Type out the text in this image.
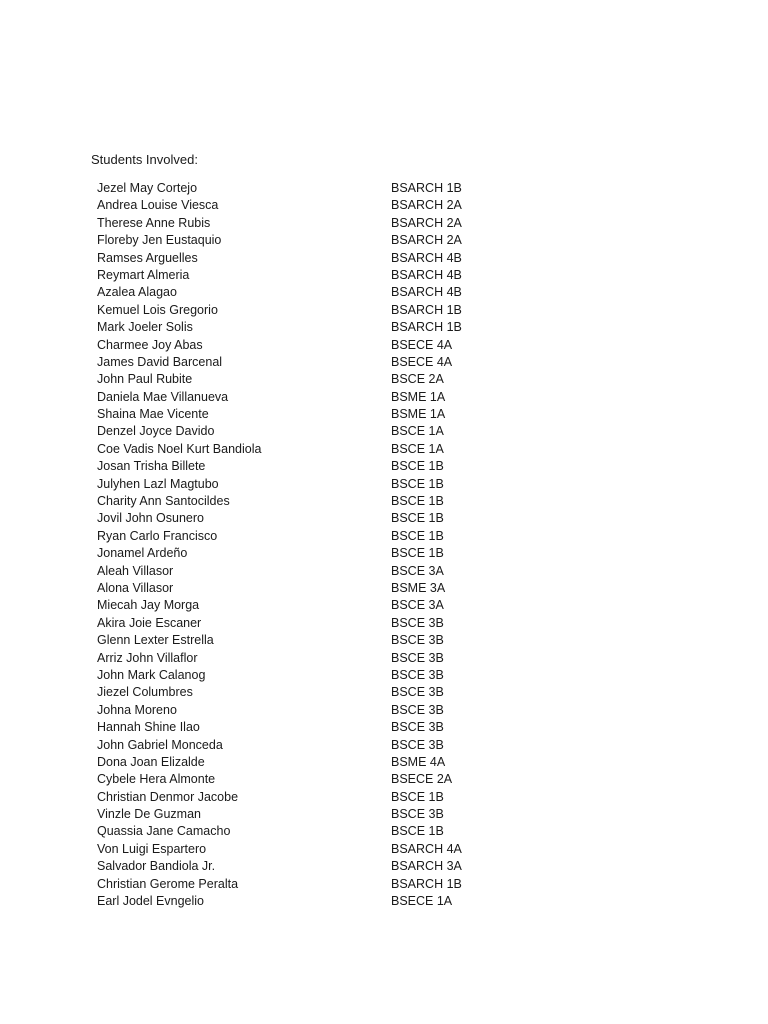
Students Involved:
Jezel May Cortejo	BSARCH 1B
Andrea Louise Viesca	BSARCH 2A
Therese Anne Rubis	BSARCH 2A
Floreby Jen Eustaquio	BSARCH 2A
Ramses Arguelles	BSARCH 4B
Reymart Almeria	BSARCH 4B
Azalea Alagao	BSARCH 4B
Kemuel Lois Gregorio	BSARCH 1B
Mark Joeler Solis	BSARCH 1B
Charmee Joy Abas	BSECE 4A
James David Barcenal	BSECE 4A
John Paul Rubite	BSCE 2A
Daniela Mae Villanueva	BSME 1A
Shaina Mae Vicente	BSME 1A
Denzel Joyce Davido	BSCE 1A
Coe Vadis Noel Kurt Bandiola	BSCE 1A
Josan Trisha Billete	BSCE 1B
Julyhen Lazl Magtubo	BSCE 1B
Charity Ann Santocildes	BSCE 1B
Jovil John Osunero	BSCE 1B
Ryan Carlo Francisco	BSCE 1B
Jonamel Ardeño	BSCE 1B
Aleah Villasor	BSCE 3A
Alona Villasor	BSME 3A
Miecah Jay Morga	BSCE 3A
Akira Joie Escaner	BSCE 3B
Glenn Lexter Estrella	BSCE 3B
Arriz John Villaflor	BSCE 3B
John Mark Calanog	BSCE 3B
Jiezel Columbres	BSCE 3B
Johna Moreno	BSCE 3B
Hannah Shine Ilao	BSCE 3B
John Gabriel Monceda	BSCE 3B
Dona Joan Elizalde	BSME 4A
Cybele Hera Almonte	BSECE 2A
Christian Denmor Jacobe	BSCE 1B
Vinzle De Guzman	BSCE 3B
Quassia Jane Camacho	BSCE 1B
Von Luigi Espartero	BSARCH 4A
Salvador Bandiola Jr.	BSARCH 3A
Christian Gerome Peralta	BSARCH 1B
Earl Jodel Evngelio	BSECE 1A
